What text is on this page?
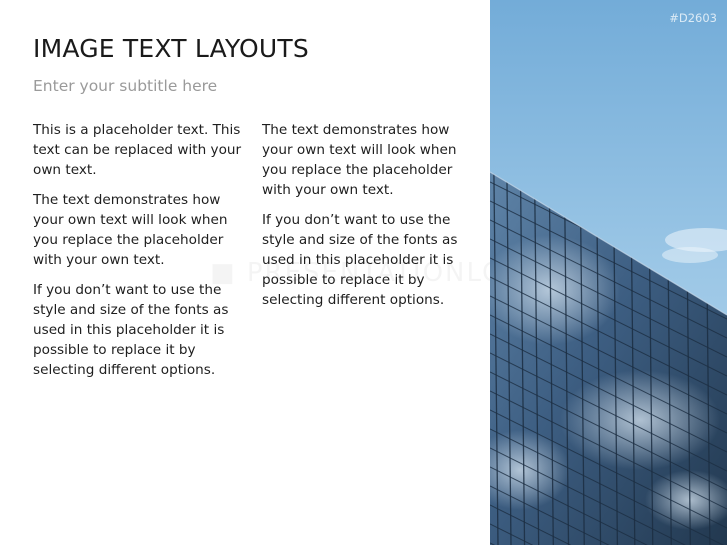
IMAGE TEXT LAYOUTS

Enter your subtitle here

This is a placeholder text. This text can be replaced with your own text.

The text demonstrates how your own text will look when you replace the placeholder with your own text.

If you don’t want to use the style and size of the fonts as used in this placeholder it is possible to replace it by selecting different options.

The text demonstrates how your own text will look when you replace the placeholder with your own text.

If you don’t want to use the style and size of the fonts as used in this placeholder it is possible to replace it by selecting different options.

#D2603
